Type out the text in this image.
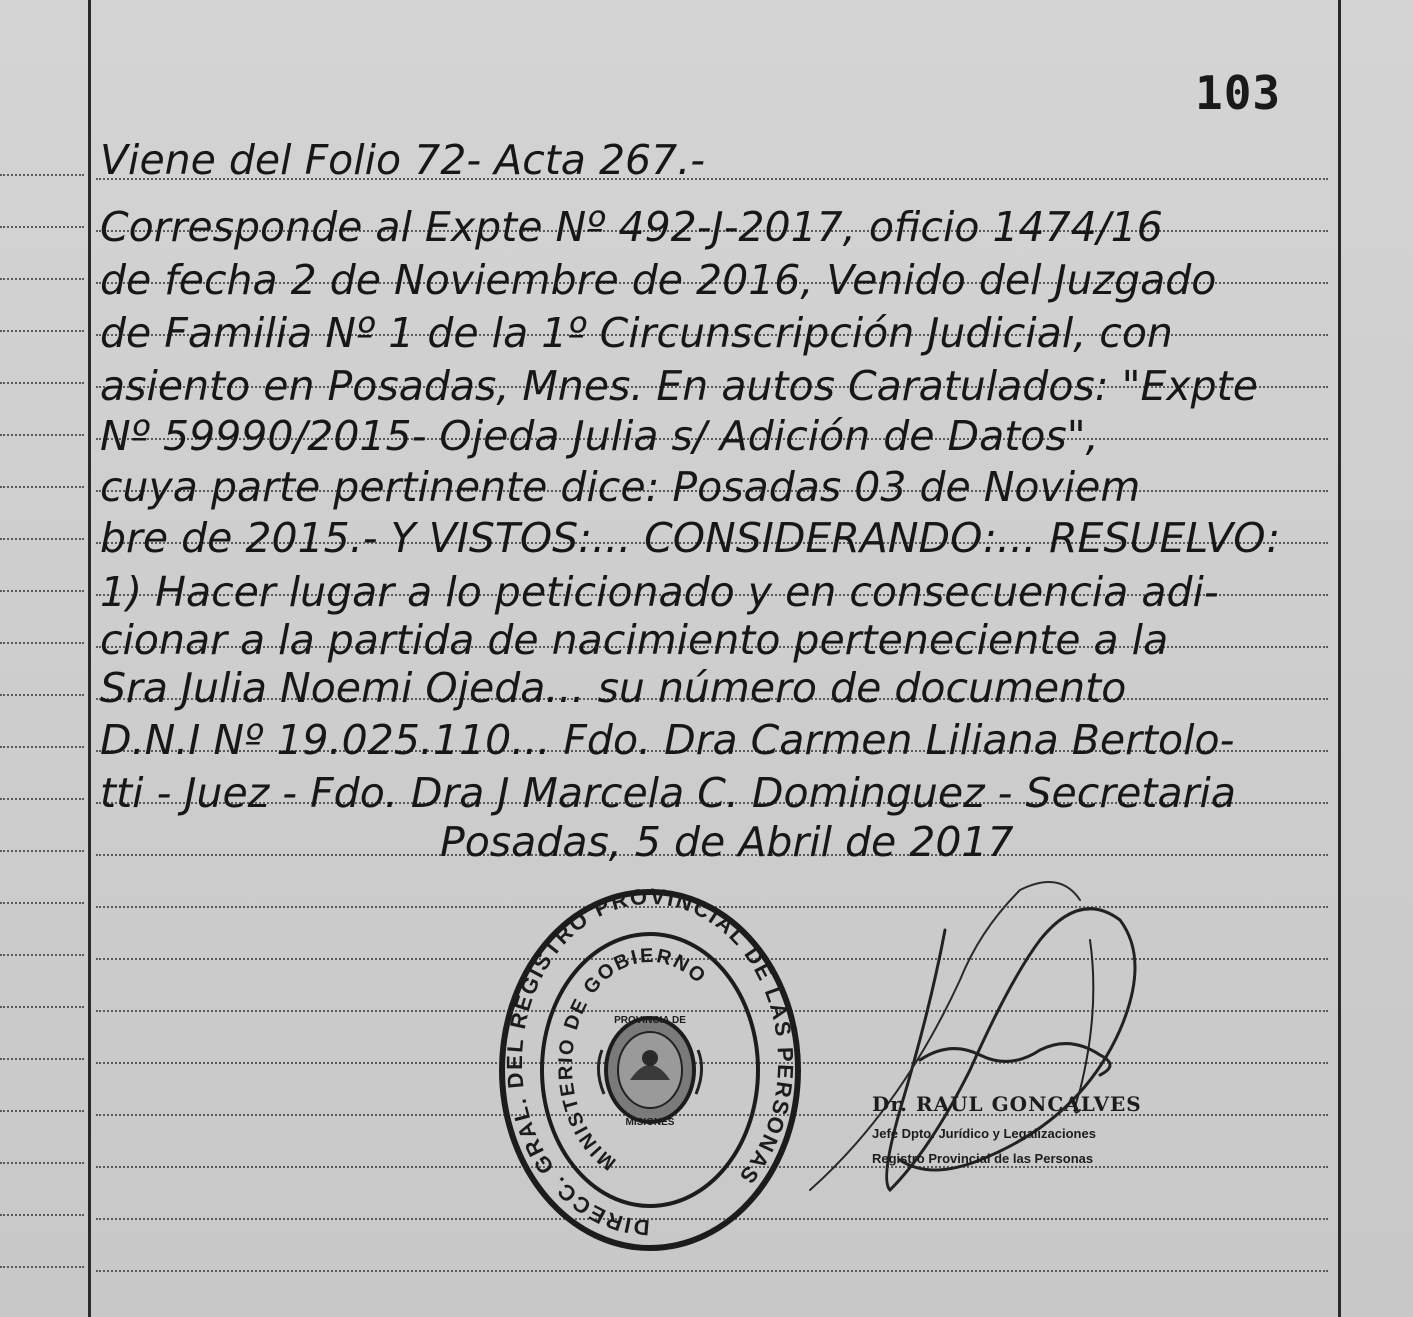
103
Viene del Folio 72- Acta 267.-
Corresponde al Expte Nº 492-J-2017, oficio 1474/16
de fecha 2 de Noviembre de 2016, Venido del Juzgado
de Familia Nº 1 de la 1º Circunscripción Judicial, con
asiento en Posadas, Mnes. En autos Caratulados: "Expte
Nº 59990/2015- Ojeda Julia s/ Adición de Datos",
cuya parte pertinente dice: Posadas 03 de Noviem
bre de 2015.- Y VISTOS:... CONSIDERANDO:... RESUELVO:
1) Hacer lugar a lo peticionado y en consecuencia adi-
cionar a la partida de nacimiento perteneciente a la
Sra Julia Noemi Ojeda... su número de documento
D.N.I Nº 19.025.110... Fdo. Dra Carmen Liliana Bertolo-
tti - Juez - Fdo. Dra J Marcela C. Dominguez - Secretaria
Posadas, 5 de Abril de 2017
DIRECC. GRAL. DEL REGISTRO PROVINCIAL DE LAS PERSONAS
MINISTERIO DE GOBIERNO
PROVINCIA DE
MISIONES
Dr. RAUL GONCALVES
Jefe Dpto. Jurídico y Legalizaciones
Registro Provincial de las Personas
